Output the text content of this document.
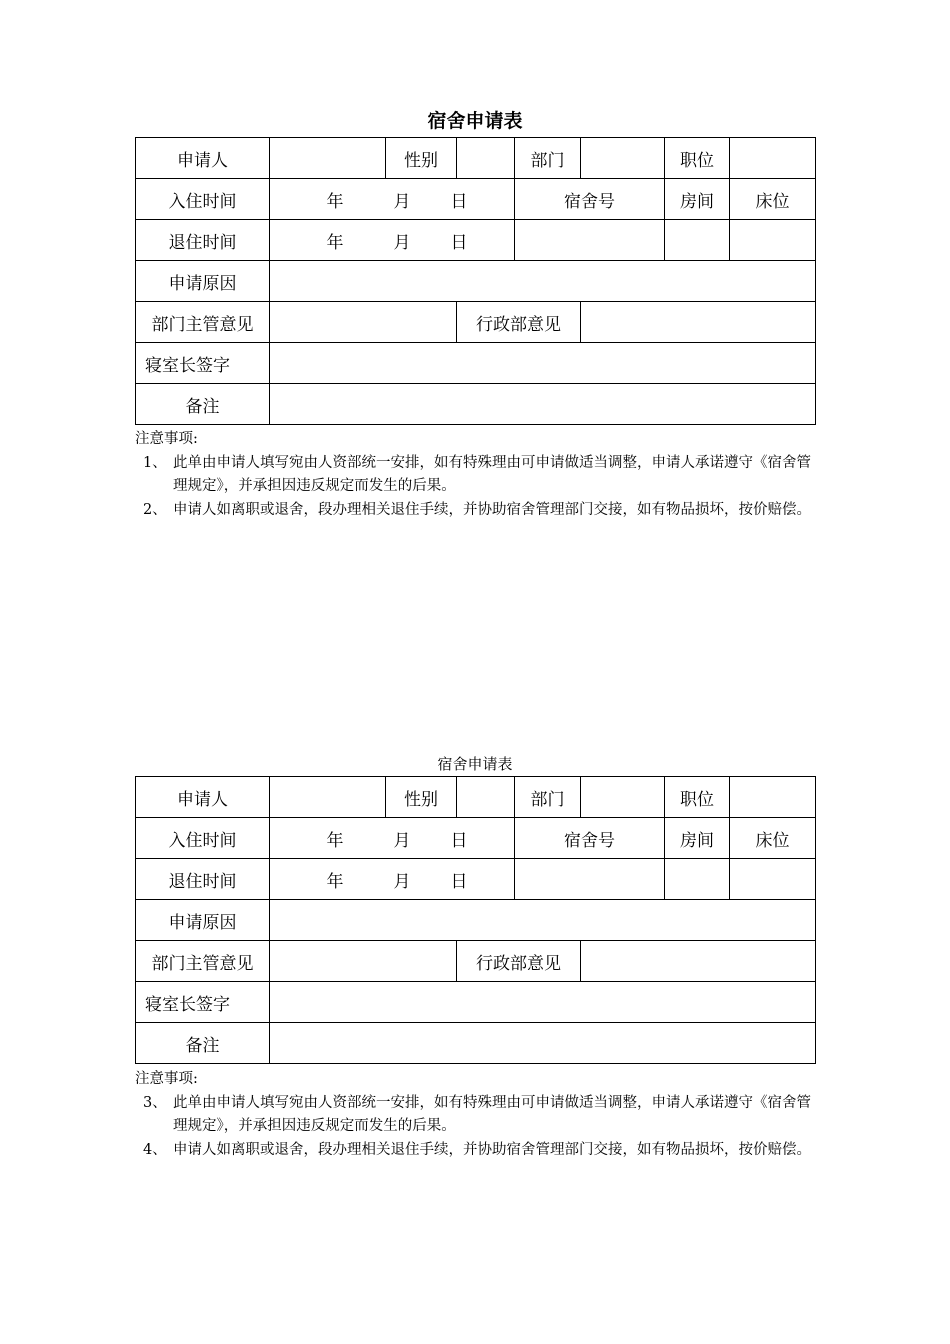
宿舍申请表
申请人		性别		部门		职位	
入住时间	年 月 日			宿舍号		房间	床位
退住时间	年 月 日						
申请原因							
部门主管意见			行政部意见				
寝室长签字							
备注							

注意事项:

1、 此单由申请人填写宛由人资部统一安排，如有特殊理由可申请做适当调整，申请人承诺遵守《宿舍管理规定》，并承担因违反规定而发生的后果。
2、 申请人如离职或退舍，段办理相关退住手续，并协助宿舍管理部门交接，如有物品损坏，按价赔偿。
宿舍申请表
申请人		性别		部门		职位	
入住时间	年 月 日			宿舍号		房间	床位
退住时间	年 月 日						
申请原因							
部门主管意见			行政部意见				
寝室长签字							
备注							

注意事项:

3、 此单由申请人填写宛由人资部统一安排，如有特殊理由可申请做适当调整，申请人承诺遵守《宿舍管理规定》，并承担因违反规定而发生的后果。
4、 申请人如离职或退舍，段办理相关退住手续，并协助宿舍管理部门交接，如有物品损坏，按价赔偿。
